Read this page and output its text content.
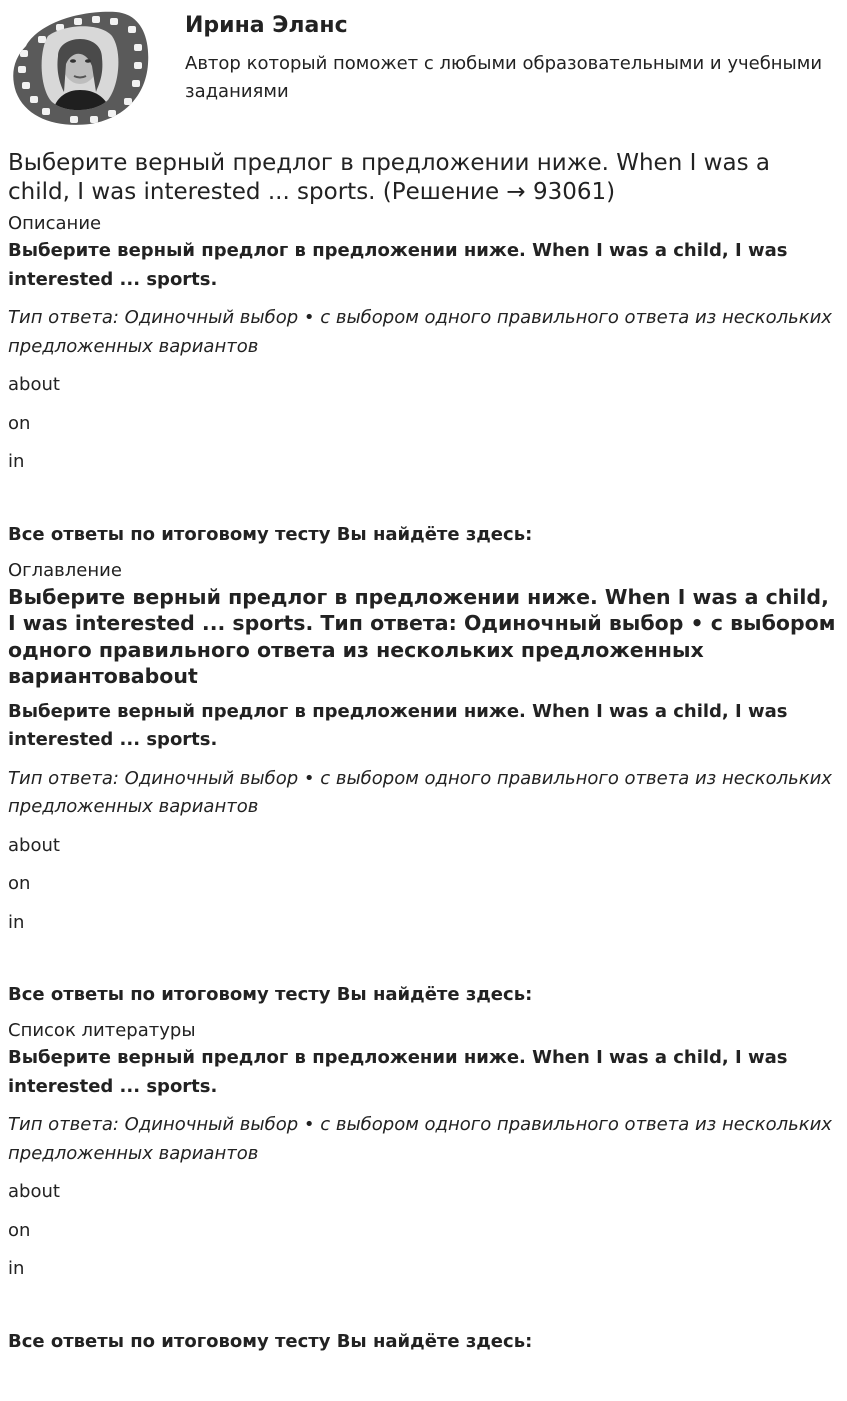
Ирина Эланс
Автор который поможет с любыми образовательными и учебными заданиями
Выберите верный предлог в предложении ниже. When I was a child, I was interested ... sports. (Решение → 93061)
Описание
Выберите верный предлог в предложении ниже. When I was a child, I was interested ... sports.
Тип ответа: Одиночный выбор • с выбором одного правильного ответа из нескольких предложенных вариантов
about
on
in
Все ответы по итоговому тесту Вы найдёте здесь:
Оглавление
Выберите верный предлог в предложении ниже. When I was a child, I was interested ... sports. Тип ответа: Одиночный выбор • с выбором одного правильного ответа из нескольких предложенных вариантовabout
Выберите верный предлог в предложении ниже. When I was a child, I was interested ... sports.
Тип ответа: Одиночный выбор • с выбором одного правильного ответа из нескольких предложенных вариантов
about
on
in
Все ответы по итоговому тесту Вы найдёте здесь:
Список литературы
Выберите верный предлог в предложении ниже. When I was a child, I was interested ... sports.
Тип ответа: Одиночный выбор • с выбором одного правильного ответа из нескольких предложенных вариантов
about
on
in
Все ответы по итоговому тесту Вы найдёте здесь:
